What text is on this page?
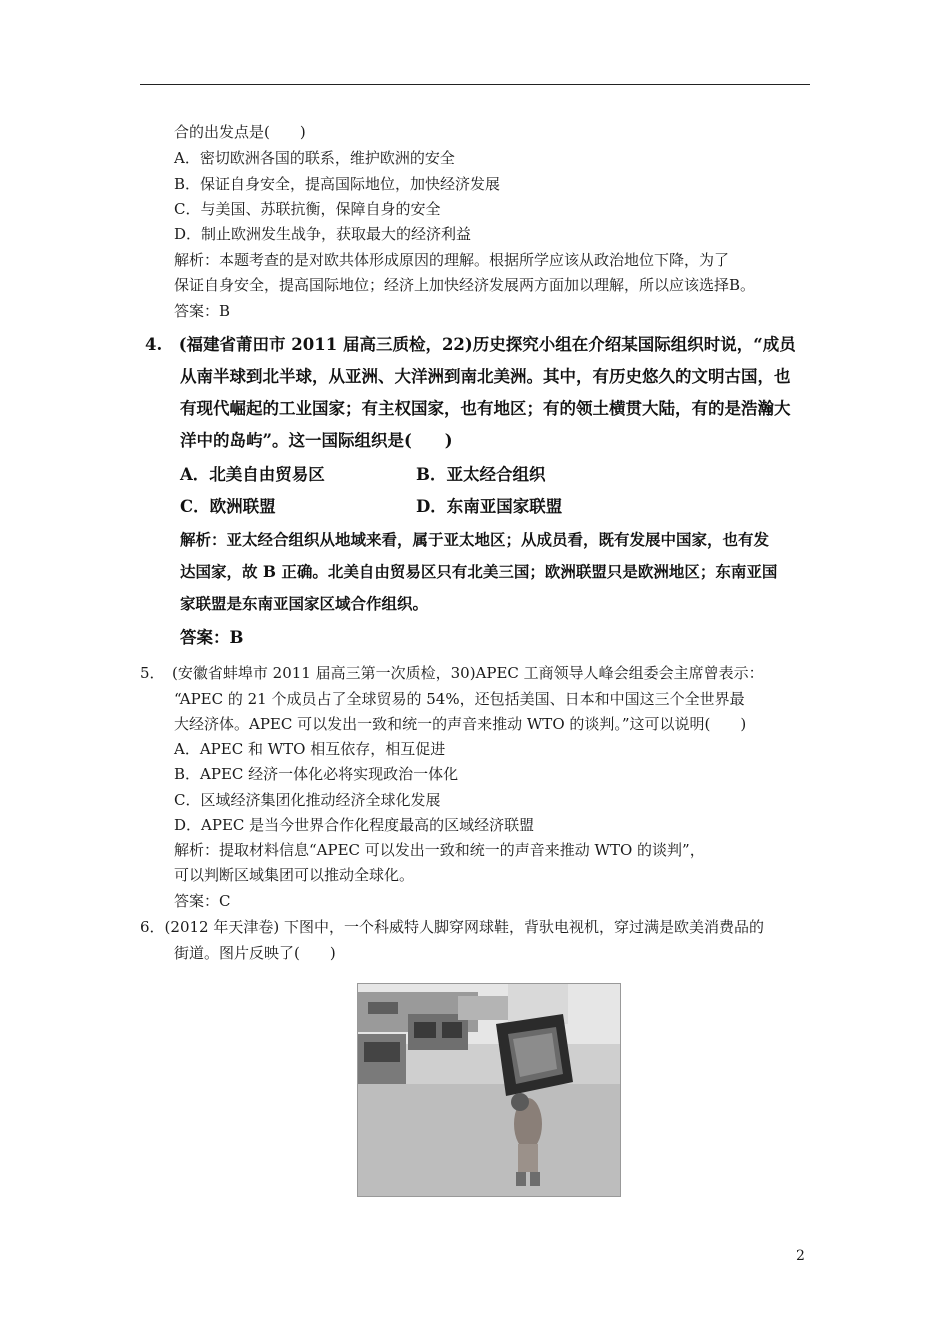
合的出发点是(　　)
A．密切欧洲各国的联系，维护欧洲的安全
B．保证自身安全，提高国际地位，加快经济发展
C．与美国、苏联抗衡，保障自身的安全
D．制止欧洲发生战争，获取最大的经济利益
解析：本题考查的是对欧共体形成原因的理解。根据所学应该从政治地位下降，为了
保证自身安全，提高国际地位；经济上加快经济发展两方面加以理解，所以应该选择B。
答案：B
4.　(福建省莆田市 2011 届高三质检，22)历史探究小组在介绍某国际组织时说，“成员
从南半球到北半球，从亚洲、大洋洲到南北美洲。其中，有历史悠久的文明古国，也
有现代崛起的工业国家；有主权国家，也有地区；有的领土横贯大陆，有的是浩瀚大
洋中的岛屿”。这一国际组织是(　　)
A．北美自由贸易区	B．亚太经合组织
C．欧洲联盟	D．东南亚国家联盟
解析：亚太经合组织从地域来看，属于亚太地区；从成员看，既有发展中国家，也有发
达国家，故 B 正确。北美自由贸易区只有北美三国；欧洲联盟只是欧洲地区；东南亚国
家联盟是东南亚国家区域合作组织。
答案：B
5．　(安徽省蚌埠市 2011 届高三第一次质检，30)APEC 工商领导人峰会组委会主席曾表示：
“APEC 的 21 个成员占了全球贸易的 54%，还包括美国、日本和中国这三个全世界最
大经济体。APEC 可以发出一致和统一的声音来推动 WTO 的谈判。”这可以说明(　　)
A．APEC 和 WTO 相互依存，相互促进
B．APEC 经济一体化必将实现政治一体化
C．区域经济集团化推动经济全球化发展
D．APEC 是当今世界合作化程度最高的区域经济联盟
解析：提取材料信息“APEC 可以发出一致和统一的声音来推动 WTO 的谈判”，
可以判断区域集团可以推动全球化。
答案：C
6．(2012 年天津卷) 下图中，一个科威特人脚穿网球鞋，背驮电视机，穿过满是欧美消费品的
街道。图片反映了(　　)
2
